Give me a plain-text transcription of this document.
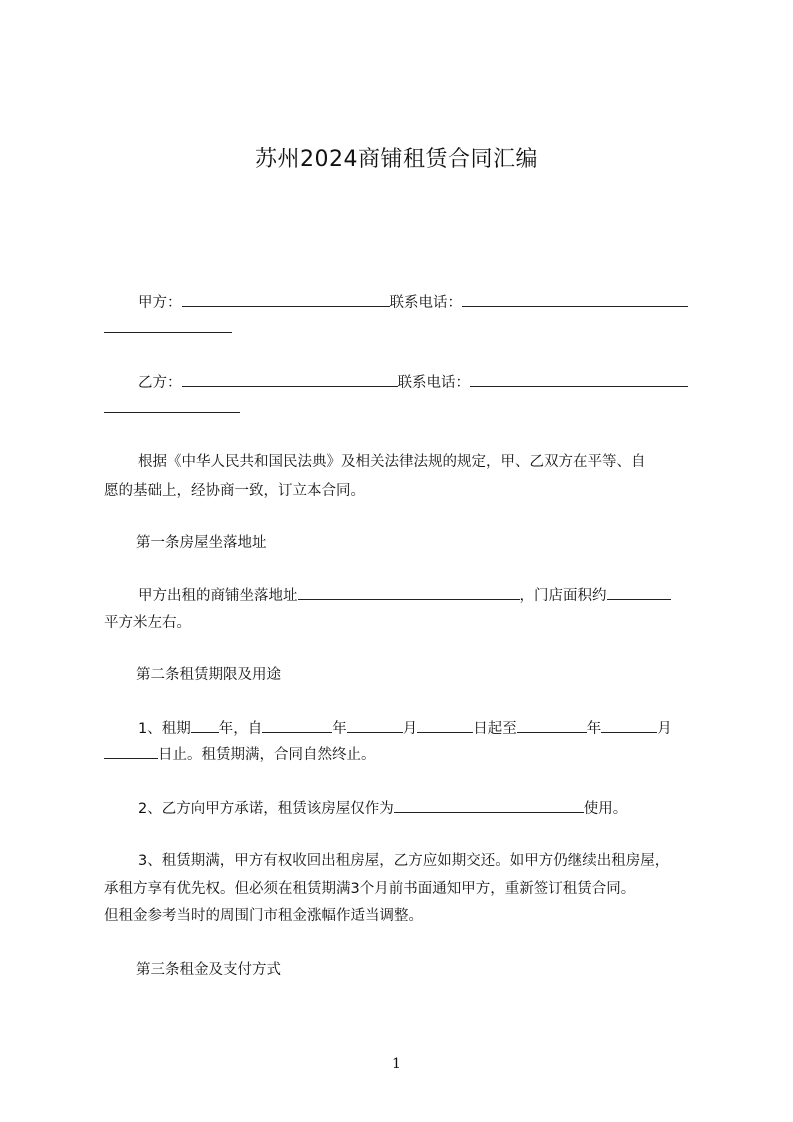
苏州2024商铺租赁合同汇编
甲方：	联系电话：
乙方：	联系电话：
根据《中华人民共和国民法典》及相关法律法规的规定，甲、乙双方在平等、自
愿的基础上，经协商一致，订立本合同。
第一条房屋坐落地址
甲方出租的商铺坐落地址	，门店面积约
平方米左右。
第二条租赁期限及用途
1、租期 年，自	年	月	日起至	年	月
日止。租赁期满，合同自然终止。
2、乙方向甲方承诺，租赁该房屋仅作为	使用。
3、租赁期满，甲方有权收回出租房屋，乙方应如期交还。如甲方仍继续出租房屋，
承租方享有优先权。但必须在租赁期满3个月前书面通知甲方，重新签订租赁合同。
但租金参考当时的周围门市租金涨幅作适当调整。
第三条租金及支付方式
1
